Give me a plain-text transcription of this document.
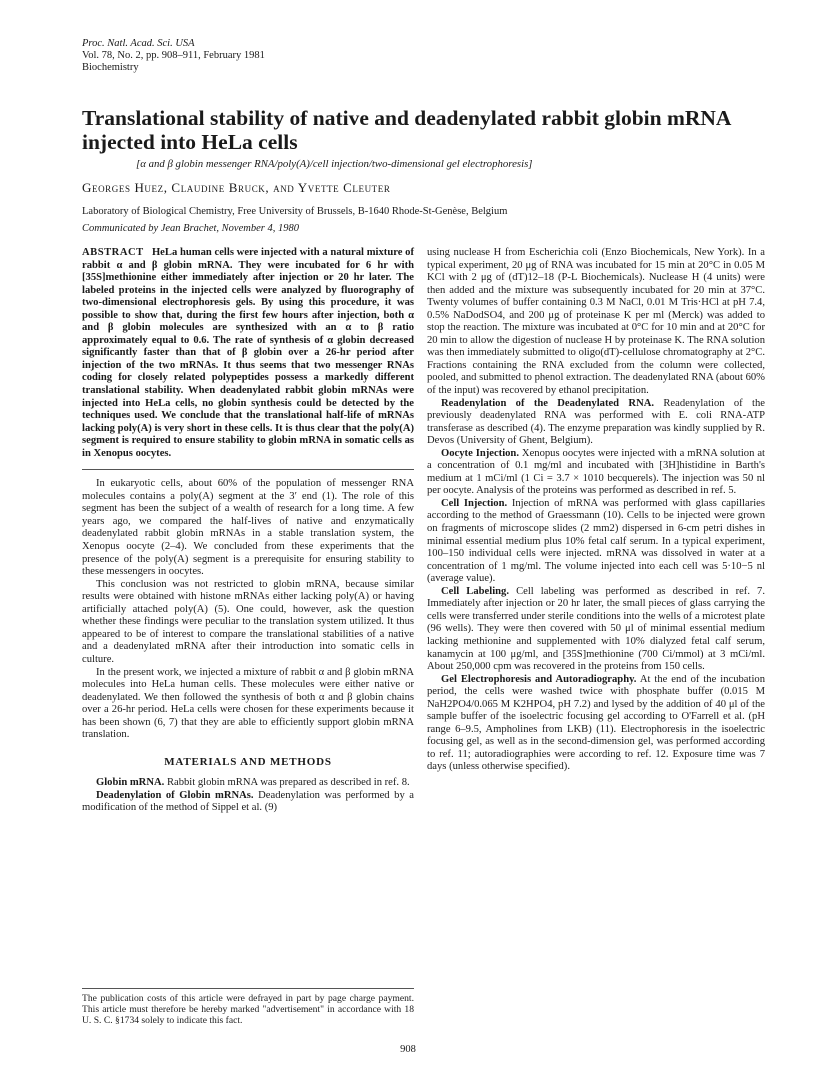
Proc. Natl. Acad. Sci. USA
Vol. 78, No. 2, pp. 908–911, February 1981
Biochemistry
Translational stability of native and deadenylated rabbit globin mRNA injected into HeLa cells
[α and β globin messenger RNA/poly(A)/cell injection/two-dimensional gel electrophoresis]
Georges Huez, Claudine Bruck, and Yvette Cleuter
Laboratory of Biological Chemistry, Free University of Brussels, B-1640 Rhode-St-Genèse, Belgium
Communicated by Jean Brachet, November 4, 1980

ABSTRACT HeLa human cells were injected with a natural mixture of rabbit α and β globin mRNA. They were incubated for 6 hr with [35S]methionine either immediately after injection or 20 hr later. The labeled proteins in the injected cells were analyzed by fluorography of two-dimensional electrophoresis gels. By using this procedure, it was possible to show that, during the first few hours after injection, both α and β globin molecules are synthesized with an α to β ratio approximately equal to 0.6. The rate of synthesis of α globin decreased significantly faster than that of β globin over a 26-hr period after injection of the two mRNAs. It thus seems that two messenger RNAs coding for closely related polypeptides possess a markedly different translational stability. When deadenylated rabbit globin mRNAs were injected into HeLa cells, no globin synthesis could be detected by the techniques used. We conclude that the translational half-life of mRNAs lacking poly(A) is very short in these cells. It is thus clear that the poly(A) segment is required to ensure stability to globin mRNA in somatic cells as in Xenopus oocytes.

In eukaryotic cells, about 60% of the population of messenger RNA molecules contains a poly(A) segment at the 3′ end (1). The role of this segment has been the subject of a wealth of research for a long time. A few years ago, we compared the half-lives of native and enzymatically deadenylated rabbit globin mRNAs in a stable translation system, the Xenopus oocyte (2–4). We concluded from these experiments that the presence of the poly(A) segment is a prerequisite for ensuring stability to these messengers in oocytes.

This conclusion was not restricted to globin mRNA, because similar results were obtained with histone mRNAs either lacking poly(A) or having artificially attached poly(A) (5). One could, however, ask the question whether these findings were peculiar to the translation system utilized. It thus appeared to be of interest to compare the translational stabilities of a native and a deadenylated mRNA after their introduction into somatic cells in culture.

In the present work, we injected a mixture of rabbit α and β globin mRNA molecules into HeLa human cells. These molecules were either native or deadenylated. We then followed the synthesis of both α and β globin chains over a 26-hr period. HeLa cells were chosen for these experiments because it has been shown (6, 7) that they are able to efficiently support globin mRNA translation.

MATERIALS AND METHODS

Globin mRNA. Rabbit globin mRNA was prepared as described in ref. 8.

Deadenylation of Globin mRNAs. Deadenylation was performed by a modification of the method of Sippel et al. (9)

using nuclease H from Escherichia coli (Enzo Biochemicals, New York). In a typical experiment, 20 μg of RNA was incubated for 15 min at 20°C in 0.05 M KCl with 2 μg of (dT)12–18 (P-L Biochemicals). Nuclease H (4 units) were then added and the mixture was subsequently incubated for 20 min at 37°C. Twenty volumes of buffer containing 0.3 M NaCl, 0.01 M Tris·HCl at pH 7.4, 0.5% NaDodSO4, and 200 μg of proteinase K per ml (Merck) was added to stop the reaction. The mixture was incubated at 0°C for 10 min and at 20°C for 20 min to allow the digestion of nuclease H by proteinase K. The RNA solution was then immediately submitted to oligo(dT)-cellulose chromatography at 2°C. Fractions containing the RNA excluded from the column were collected, pooled, and submitted to phenol extraction. The deadenylated RNA (about 60% of the input) was recovered by ethanol precipitation.

Readenylation of the Deadenylated RNA. Readenylation of the previously deadenylated RNA was performed with E. coli RNA-ATP transferase as described (4). The enzyme preparation was kindly supplied by R. Devos (University of Ghent, Belgium).

Oocyte Injection. Xenopus oocytes were injected with a mRNA solution at a concentration of 0.1 mg/ml and incubated with [3H]histidine in Barth's medium at 1 mCi/ml (1 Ci = 3.7 × 1010 becquerels). The injection was 50 nl per oocyte. Analysis of the proteins was performed as described in ref. 5.

Cell Injection. Injection of mRNA was performed with glass capillaries according to the method of Graessmann (10). Cells to be injected were grown on fragments of microscope slides (2 mm2) dispersed in 6-cm petri dishes in minimal essential medium plus 10% fetal calf serum. In a typical experiment, 100–150 individual cells were injected. mRNA was dissolved in water at a concentration of 1 mg/ml. The volume injected into each cell was 5·10−5 nl (average value).

Cell Labeling. Cell labeling was performed as described in ref. 7. Immediately after injection or 20 hr later, the small pieces of glass carrying the cells were transferred under sterile conditions into the wells of a microtest plate (96 wells). They were then covered with 50 μl of minimal essential medium lacking methionine and supplemented with 10% dialyzed fetal calf serum, kanamycin at 100 μg/ml, and [35S]methionine (700 Ci/mmol) at 3 mCi/ml. About 250,000 cpm was recovered in the proteins from 150 cells.

Gel Electrophoresis and Autoradiography. At the end of the incubation period, the cells were washed twice with phosphate buffer (0.015 M NaH2PO4/0.065 M K2HPO4, pH 7.2) and lysed by the addition of 40 μl of the sample buffer of the isoelectric focusing gel according to O'Farrell et al. (pH range 6–9.5, Ampholines from LKB) (11). Electrophoresis in the isoelectric focusing gel, as well as in the second-dimension gel, was performed according to ref. 11; autoradiographies were according to ref. 12. Exposure time was 7 days (unless otherwise specified).

The publication costs of this article were defrayed in part by page charge payment. This article must therefore be hereby marked "advertisement" in accordance with 18 U. S. C. §1734 solely to indicate this fact.
908
